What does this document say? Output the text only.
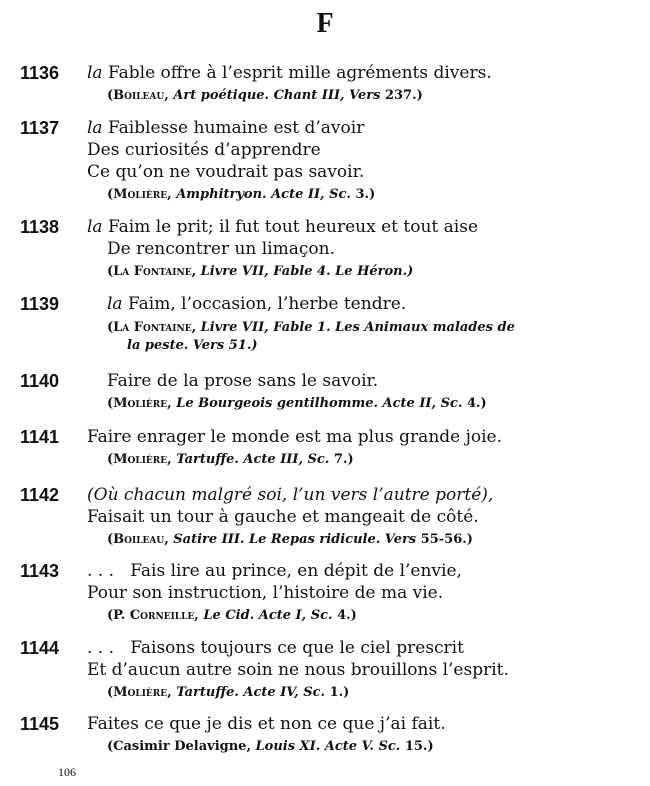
F
1136 la Fable offre à l’esprit mille agréments divers.
(Boileau, Art poétique. Chant III, Vers 237.)
1137 la Faiblesse humaine est d’avoir
Des curiosités d’apprendre
Ce qu’on ne voudrait pas savoir.
(Molière, Amphitryon. Acte II, Sc. 3.)
1138 la Faim le prit; il fut tout heureux et tout aise
De rencontrer un limaçon.
(La Fontaine, Livre VII, Fable 4. Le Héron.)
1139	la Faim, l’occasion, l’herbe tendre.
(La Fontaine, Livre VII, Fable 1. Les Animaux malades de
la peste. Vers 51.)
1140	Faire de la prose sans le savoir.
(Molière, Le Bourgeois gentilhomme. Acte II, Sc. 4.)
1141 Faire enrager le monde est ma plus grande joie.
(Molière, Tartuffe. Acte III, Sc. 7.)
1142 (Où chacun malgré soi, l’un vers l’autre porté),
Faisait un tour à gauche et mangeait de côté.
(Boileau, Satire III. Le Repas ridicule. Vers 55-56.)
1143 . . .   Fais lire au prince, en dépit de l’envie,
Pour son instruction, l’histoire de ma vie.
(P. Corneille, Le Cid. Acte I, Sc. 4.)
1144 . . .   Faisons toujours ce que le ciel prescrit
Et d’aucun autre soin ne nous brouillons l’esprit.
(Molière, Tartuffe. Acte IV, Sc. 1.)
1145 Faites ce que je dis et non ce que j’ai fait.
(Casimir Delavigne, Louis XI. Acte V. Sc. 15.)
106
